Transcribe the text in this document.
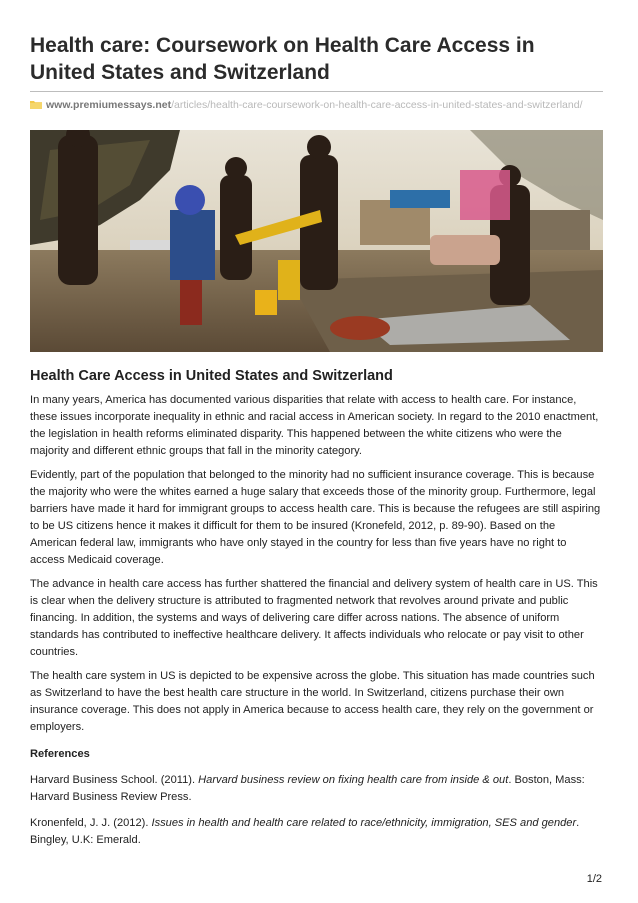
Health care: Coursework on Health Care Access in United States and Switzerland
www.premiumessays.net/articles/health-care-coursework-on-health-care-access-in-united-states-and-switzerland/
Health Care Access in United States and Switzerland

In many years, America has documented various disparities that relate with access to health care. For instance, these issues incorporate inequality in ethnic and racial access in American society. In regard to the 2010 enactment, the legislation in health reforms eliminated disparity. This happened between the white citizens who were the majority and different ethnic groups that fall in the minority category.

Evidently, part of the population that belonged to the minority had no sufficient insurance coverage. This is because the majority who were the whites earned a huge salary that exceeds those of the minority group. Furthermore, legal barriers have made it hard for immigrant groups to access health care. This is because the refugees are still aspiring to be US citizens hence it makes it difficult for them to be insured (Kronefeld, 2012, p. 89-90). Based on the American federal law, immigrants who have only stayed in the country for less than five years have no right to access Medicaid coverage.

The advance in health care access has further shattered the financial and delivery system of health care in US. This is clear when the delivery structure is attributed to fragmented network that revolves around private and public financing. In addition, the systems and ways of delivering care differ across nations. The absence of uniform standards has contributed to ineffective healthcare delivery. It affects individuals who relocate or pay visit to other countries.

The health care system in US is depicted to be expensive across the globe. This situation has made countries such as Switzerland to have the best health care structure in the world. In Switzerland, citizens purchase their own insurance coverage. This does not apply in America because to access health care, they rely on the government or employers.

References
Harvard Business School. (2011). Harvard business review on fixing health care from inside & out. Boston, Mass: Harvard Business Review Press.
Kronenfeld, J. J. (2012). Issues in health and health care related to race/ethnicity, immigration, SES and gender. Bingley, U.K: Emerald.
1/2
